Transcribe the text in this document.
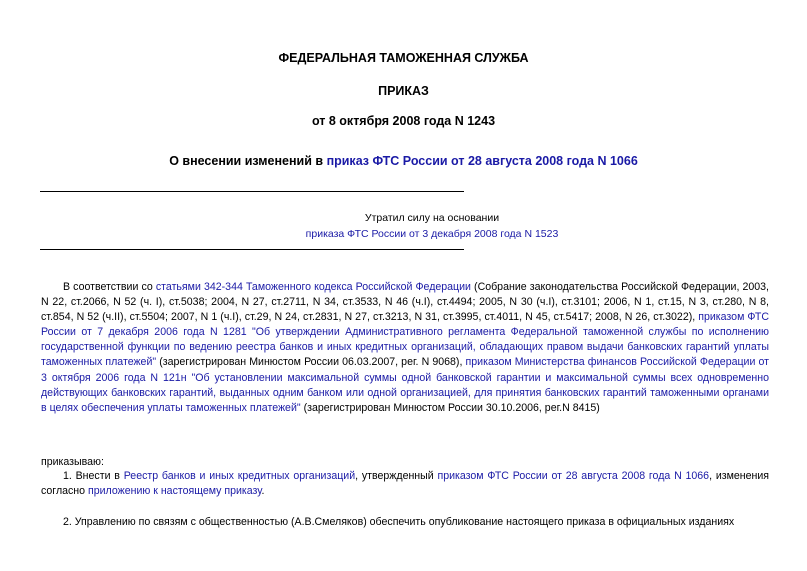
ФЕДЕРАЛЬНАЯ ТАМОЖЕННАЯ СЛУЖБА
ПРИКАЗ
от 8 октября 2008 года N 1243
О внесении изменений в приказ ФТС России от 28 августа 2008 года N 1066
Утратил силу на основании
приказа ФТС России от 3 декабря 2008 года N 1523
В соответствии со статьями 342-344 Таможенного кодекса Российской Федерации (Собрание законодательства Российской Федерации, 2003, N 22, ст.2066, N 52 (ч. I), ст.5038; 2004, N 27, ст.2711, N 34, ст.3533, N 46 (ч.I), ст.4494; 2005, N 30 (ч.I), ст.3101; 2006, N 1, ст.15, N 3, ст.280, N 8, ст.854, N 52 (ч.II), ст.5504; 2007, N 1 (ч.I), ст.29, N 24, ст.2831, N 27, ст.3213, N 31, ст.3995, ст.4011, N 45, ст.5417; 2008, N 26, ст.3022), приказом ФТС России от 7 декабря 2006 года N 1281 "Об утверждении Административного регламента Федеральной таможенной службы по исполнению государственной функции по ведению реестра банков и иных кредитных организаций, обладающих правом выдачи банковских гарантий уплаты таможенных платежей" (зарегистрирован Минюстом России 06.03.2007, рег. N 9068), приказом Министерства финансов Российской Федерации от 3 октября 2006 года N 121н "Об установлении максимальной суммы одной банковской гарантии и максимальной суммы всех одновременно действующих банковских гарантий, выданных одним банком или одной организацией, для принятия банковских гарантий таможенными органами в целях обеспечения уплаты таможенных платежей" (зарегистрирован Минюстом России 30.10.2006, рег.N 8415)
приказываю:
1. Внести в Реестр банков и иных кредитных организаций, утвержденный приказом ФТС России от 28 августа 2008 года N 1066, изменения согласно приложению к настоящему приказу.
2. Управлению по связям с общественностью (А.В.Смеляков) обеспечить опубликование настоящего приказа в официальных изданиях
